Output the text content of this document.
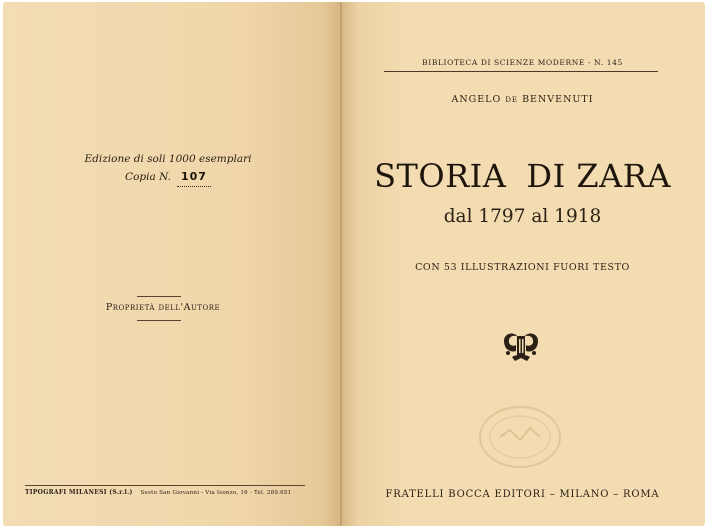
Edizione di soli 1000 esemplari
Copia N. 107
Proprietà dell'Autore
TIPOGRAFI MILANESI (S.r.l.) Sesto San Giovanni - Via Isonzo, 16 - Tel. 289.651
BIBLIOTECA DI SCIENZE MODERNE - N. 145
ANGELO DE BENVENUTI
STORIA DI ZARA
dal 1797 al 1918
CON 53 ILLUSTRAZIONI FUORI TESTO
FRATELLI BOCCA EDITORI – MILANO – ROMA
